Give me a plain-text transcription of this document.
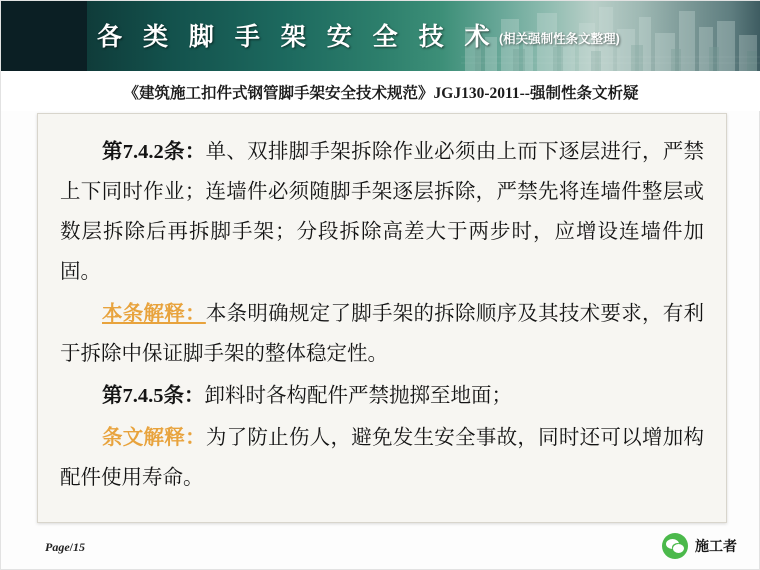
各 类 脚 手 架 安 全 技 术 (相关强制性条文整理)
《建筑施工扣件式钢管脚手架安全技术规范》JGJ130-2011--强制性条文析疑

第7.4.2条：单、双排脚手架拆除作业必须由上而下逐层进行，严禁上下同时作业；连墙件必须随脚手架逐层拆除，严禁先将连墙件整层或数层拆除后再拆脚手架；分段拆除高差大于两步时，应增设连墙件加固。

本条解释：本条明确规定了脚手架的拆除顺序及其技术要求，有利于拆除中保证脚手架的整体稳定性。

第7.4.5条：卸料时各构配件严禁抛掷至地面；

条文解释：为了防止伤人，避免发生安全事故，同时还可以增加构配件使用寿命。

Page/15	施工者
